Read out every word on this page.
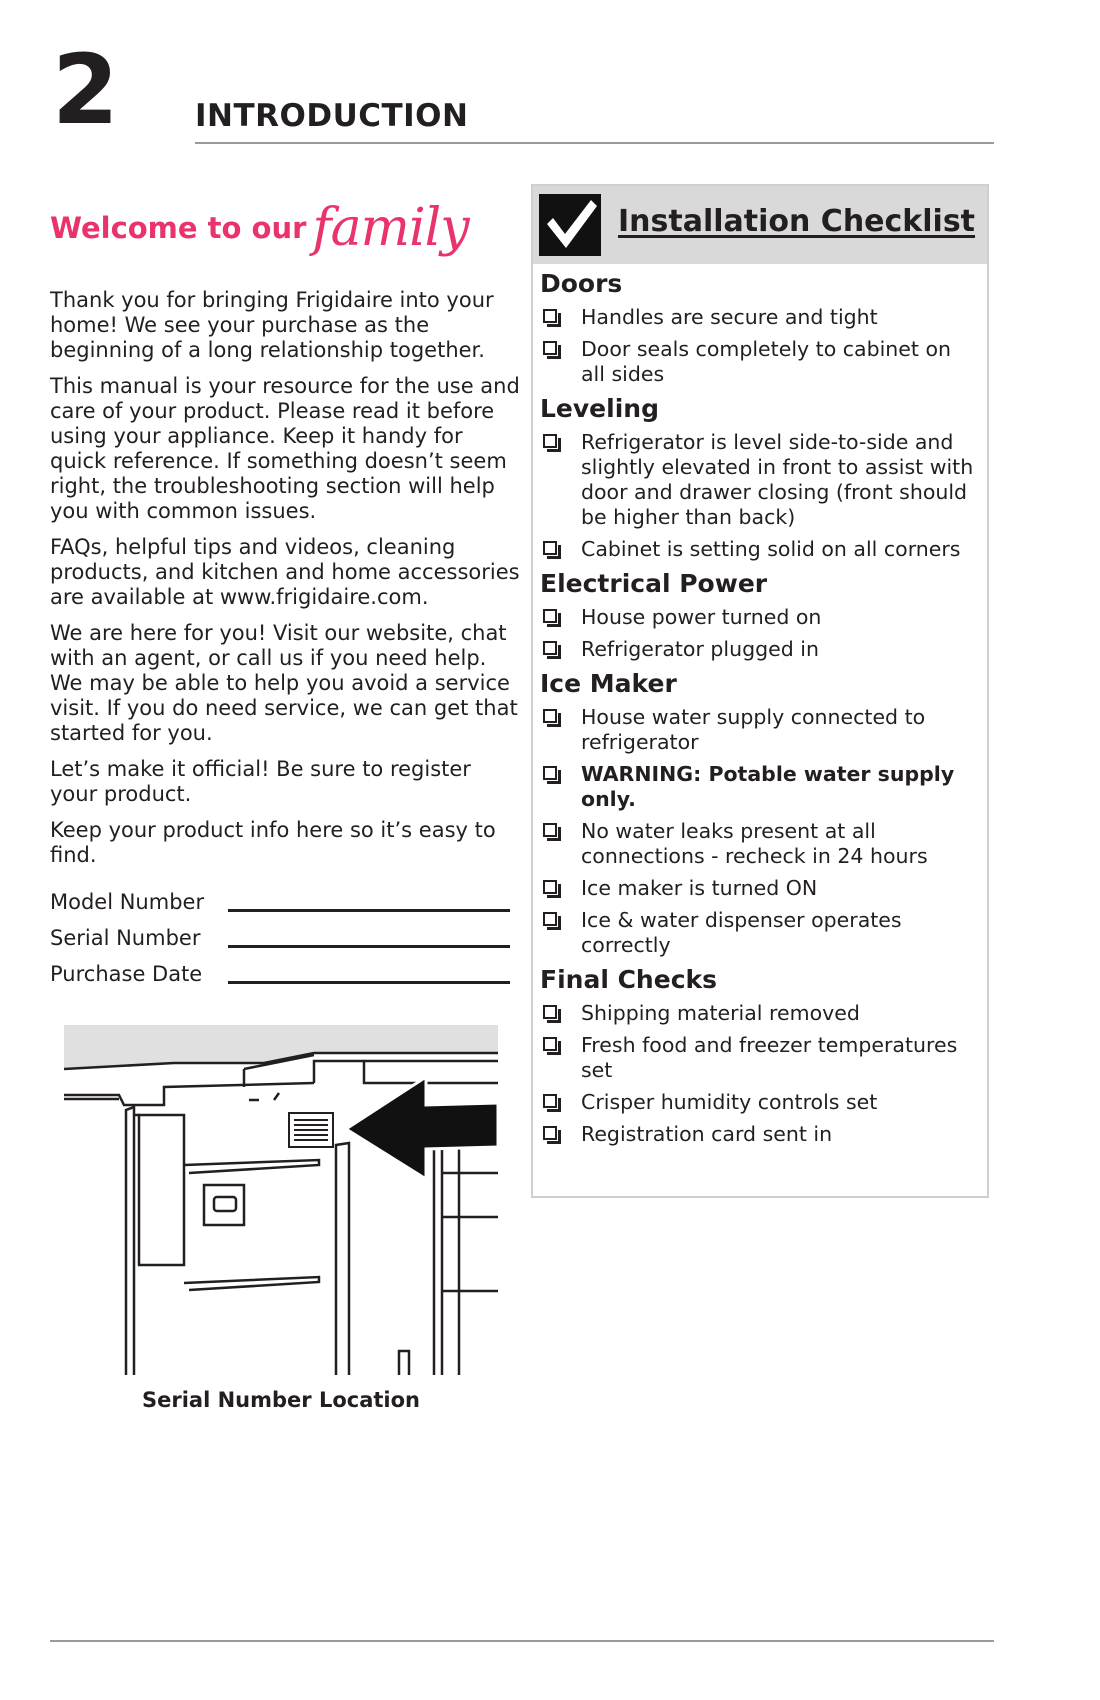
2	INTRODUCTION
Welcome to our family

Thank you for bringing Frigidaire into your home! We see your purchase as the beginning of a long relationship together.

This manual is your resource for the use and care of your product. Please read it before using your appliance. Keep it handy for quick reference. If something doesn’t seem right, the troubleshooting section will help you with common issues.

FAQs, helpful tips and videos, cleaning products, and kitchen and home accessories are available at www.frigidaire.com.

We are here for you! Visit our website, chat with an agent, or call us if you need help. We may be able to help you avoid a service visit. If you do need service, we can get that started for you.

Let’s make it official! Be sure to register your product.

Keep your product info here so it’s easy to find.

Model Number
Serial Number
Purchase Date
Serial Number Location
Installation Checklist
Doors
Handles are secure and tight
Door seals completely to cabinet on all sides
Leveling
Refrigerator is level side-to-side and slightly elevated in front to assist with door and drawer closing (front should be higher than back)
Cabinet is setting solid on all corners
Electrical Power
House power turned on
Refrigerator plugged in
Ice Maker
House water supply connected to refrigerator
WARNING: Potable water supply only.
No water leaks present at all connections - recheck in 24 hours
Ice maker is turned ON
Ice & water dispenser operates correctly
Final Checks
Shipping material removed
Fresh food and freezer temperatures set
Crisper humidity controls set
Registration card sent in
